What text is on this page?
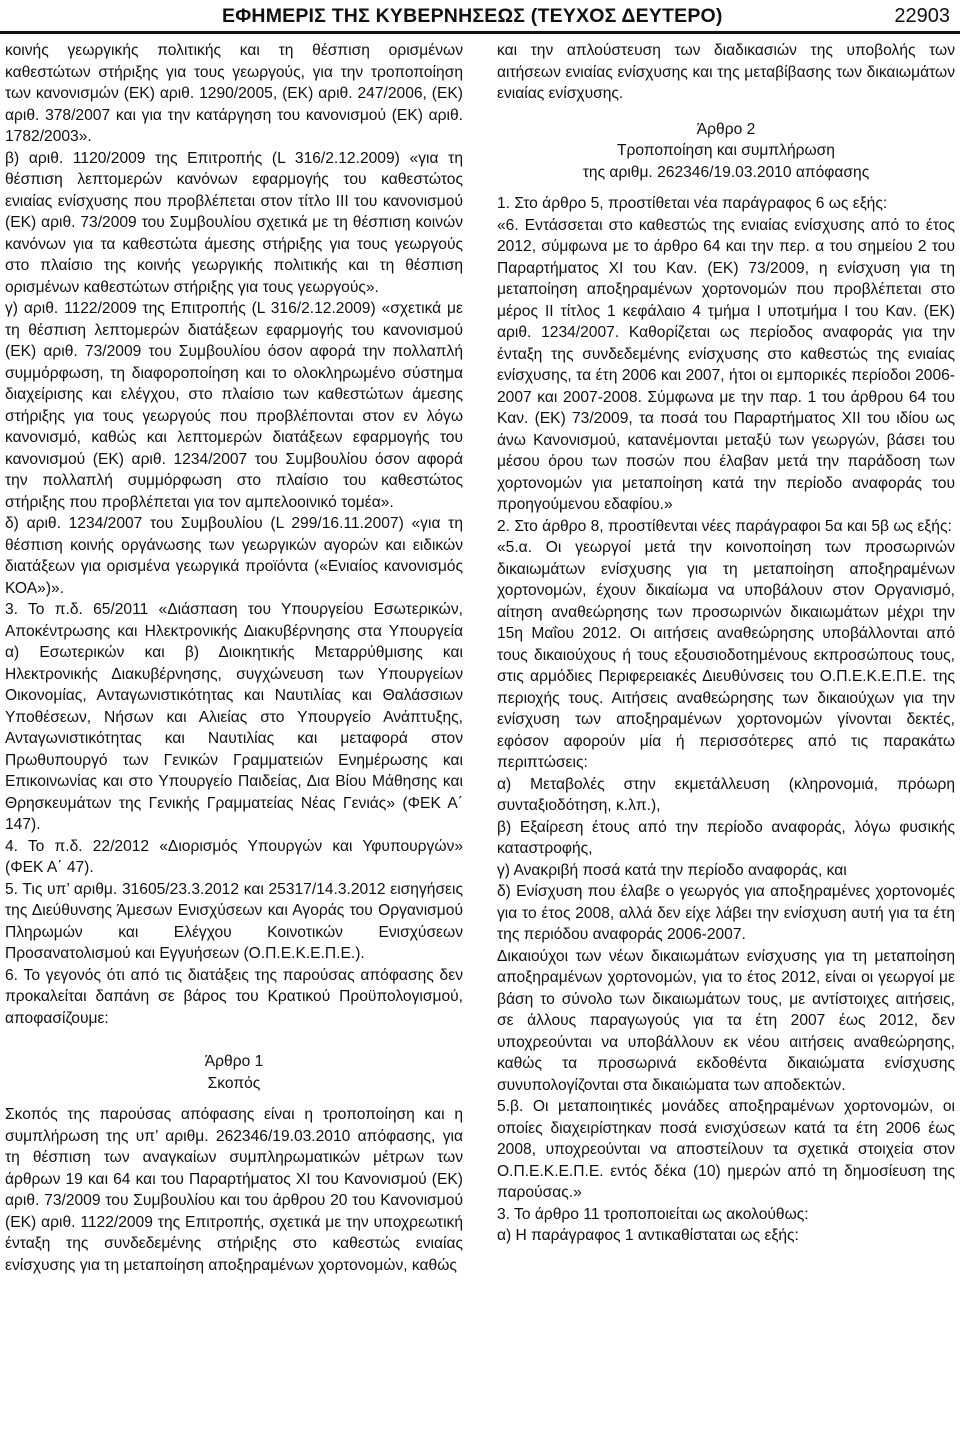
ΕΦΗΜΕΡΙΣ ΤΗΣ ΚΥΒΕΡΝΗΣΕΩΣ (ΤΕΥΧΟΣ ΔΕΥΤΕΡΟ)	22903

κοινής γεωργικής πολιτικής και τη θέσπιση ορισμένων καθεστώτων στήριξης για τους γεωργούς, για την τροποποίηση των κανονισμών (ΕΚ) αριθ. 1290/2005, (ΕΚ) αριθ. 247/2006, (ΕΚ) αριθ. 378/2007 και για την κατάργηση του κανονισμού (ΕΚ) αριθ. 1782/2003».

β) αριθ. 1120/2009 της Επιτροπής (L 316/2.12.2009) «για τη θέσπιση λεπτομερών κανόνων εφαρμογής του καθεστώτος ενιαίας ενίσχυσης που προβλέπεται στον τίτλο III του κανονισμού (ΕΚ) αριθ. 73/2009 του Συμβουλίου σχετικά με τη θέσπιση κοινών κανόνων για τα καθεστώτα άμεσης στήριξης για τους γεωργούς στο πλαίσιο της κοινής γεωργικής πολιτικής και τη θέσπιση ορισμένων καθεστώτων στήριξης για τους γεωργούς».

γ) αριθ. 1122/2009 της Επιτροπής (L 316/2.12.2009) «σχετικά με τη θέσπιση λεπτομερών διατάξεων εφαρμογής του κανονισμού (ΕΚ) αριθ. 73/2009 του Συμβουλίου όσον αφορά την πολλαπλή συμμόρφωση, τη διαφοροποίηση και το ολοκληρωμένο σύστημα διαχείρισης και ελέγχου, στο πλαίσιο των καθεστώτων άμεσης στήριξης για τους γεωργούς που προβλέπονται στον εν λόγω κανονισμό, καθώς και λεπτομερών διατάξεων εφαρμογής του κανονισμού (ΕΚ) αριθ. 1234/2007 του Συμβουλίου όσον αφορά την πολλαπλή συμμόρφωση στο πλαίσιο του καθεστώτος στήριξης που προβλέπεται για τον αμπελοοινικό τομέα».

δ) αριθ. 1234/2007 του Συμβουλίου (L 299/16.11.2007) «για τη θέσπιση κοινής οργάνωσης των γεωργικών αγορών και ειδικών διατάξεων για ορισμένα γεωργικά προϊόντα («Ενιαίος κανονισμός ΚΟΑ»)».

3. Το π.δ. 65/2011 «Διάσπαση του Υπουργείου Εσωτερικών, Αποκέντρωσης και Ηλεκτρονικής Διακυβέρνησης στα Υπουργεία α) Εσωτερικών και β) Διοικητικής Μεταρρύθμισης και Ηλεκτρονικής Διακυβέρνησης, συγχώνευση των Υπουργείων Οικονομίας, Ανταγωνιστικότητας και Ναυτιλίας και Θαλάσσιων Υποθέσεων, Νήσων και Αλιείας στο Υπουργείο Ανάπτυξης, Ανταγωνιστικότητας και Ναυτιλίας και μεταφορά στον Πρωθυπουργό των Γενικών Γραμματειών Ενημέρωσης και Επικοινωνίας και στο Υπουργείο Παιδείας, Δια Βίου Μάθησης και Θρησκευμάτων της Γενικής Γραμματείας Νέας Γενιάς» (ΦΕΚ Α΄ 147).

4. Το π.δ. 22/2012 «Διορισμός Υπουργών και Υφυπουργών» (ΦΕΚ Α΄ 47).

5. Τις υπ’ αριθμ. 31605/23.3.2012 και 25317/14.3.2012 εισηγήσεις της Διεύθυνσης Άμεσων Ενισχύσεων και Αγοράς του Οργανισμού Πληρωμών και Ελέγχου Κοινοτικών Ενισχύσεων Προσανατολισμού και Εγγυήσεων (Ο.Π.Ε.Κ.Ε.Π.Ε.).

6. Το γεγονός ότι από τις διατάξεις της παρούσας απόφασης δεν προκαλείται δαπάνη σε βάρος του Κρατικού Προϋπολογισμού, αποφασίζουμε:

Άρθρο 1

Σκοπός

Σκοπός της παρούσας απόφασης είναι η τροποποίηση και η συμπλήρωση της υπ’ αριθμ. 262346/19.03.2010 απόφασης, για τη θέσπιση των αναγκαίων συμπληρωματικών μέτρων των άρθρων 19 και 64 και του Παραρτήματος XI του Κανονισμού (ΕΚ) αριθ. 73/2009 του Συμβουλίου και του άρθρου 20 του Κανονισμού (ΕΚ) αριθ. 1122/2009 της Επιτροπής, σχετικά με την υποχρεωτική ένταξη της συνδεδεμένης στήριξης στο καθεστώς ενιαίας ενίσχυσης για τη μεταποίηση αποξηραμένων χορτονομών, καθώς

και την απλούστευση των διαδικασιών της υποβολής των αιτήσεων ενιαίας ενίσχυσης και της μεταβίβασης των δικαιωμάτων ενιαίας ενίσχυσης.

Άρθρο 2

Τροποποίηση και συμπλήρωση

της αριθμ. 262346/19.03.2010 απόφασης

1. Στο άρθρο 5, προστίθεται νέα παράγραφος 6 ως εξής:

«6. Εντάσσεται στο καθεστώς της ενιαίας ενίσχυσης από το έτος 2012, σύμφωνα με το άρθρο 64 και την περ. α του σημείου 2 του Παραρτήματος XI του Καν. (ΕΚ) 73/2009, η ενίσχυση για τη μεταποίηση αποξηραμένων χορτονομών που προβλέπεται στο μέρος II τίτλος 1 κεφάλαιο 4 τμήμα I υποτμήμα I του Καν. (ΕΚ) αριθ. 1234/2007. Καθορίζεται ως περίοδος αναφοράς για την ένταξη της συνδεδεμένης ενίσχυσης στο καθεστώς της ενιαίας ενίσχυσης, τα έτη 2006 και 2007, ήτοι οι εμπορικές περίοδοι 2006-2007 και 2007-2008. Σύμφωνα με την παρ. 1 του άρθρου 64 του Καν. (ΕΚ) 73/2009, τα ποσά του Παραρτήματος XII του ιδίου ως άνω Κανονισμού, κατανέμονται μεταξύ των γεωργών, βάσει του μέσου όρου των ποσών που έλαβαν μετά την παράδοση των χορτονομών για μεταποίηση κατά την περίοδο αναφοράς του προηγούμενου εδαφίου.»

2. Στο άρθρο 8, προστίθενται νέες παράγραφοι 5α και 5β ως εξής:

«5.α. Οι γεωργοί μετά την κοινοποίηση των προσωρινών δικαιωμάτων ενίσχυσης για τη μεταποίηση αποξηραμένων χορτονομών, έχουν δικαίωμα να υποβάλουν στον Οργανισμό, αίτηση αναθεώρησης των προσωρινών δικαιωμάτων μέχρι την 15η Μαΐου 2012. Οι αιτήσεις αναθεώρησης υποβάλλονται από τους δικαιούχους ή τους εξουσιοδοτημένους εκπροσώπους τους, στις αρμόδιες Περιφερειακές Διευθύνσεις του Ο.Π.Ε.Κ.Ε.Π.Ε. της περιοχής τους. Αιτήσεις αναθεώρησης των δικαιούχων για την ενίσχυση των αποξηραμένων χορτονομών γίνονται δεκτές, εφόσον αφορούν μία ή περισσότερες από τις παρακάτω περιπτώσεις:

α) Μεταβολές στην εκμετάλλευση (κληρονομιά, πρόωρη συνταξιοδότηση, κ.λπ.),

β) Εξαίρεση έτους από την περίοδο αναφοράς, λόγω φυσικής καταστροφής,

γ) Ανακριβή ποσά κατά την περίοδο αναφοράς, και

δ) Ενίσχυση που έλαβε ο γεωργός για αποξηραμένες χορτονομές για το έτος 2008, αλλά δεν είχε λάβει την ενίσχυση αυτή για τα έτη της περιόδου αναφοράς 2006-2007.

Δικαιούχοι των νέων δικαιωμάτων ενίσχυσης για τη μεταποίηση αποξηραμένων χορτονομών, για το έτος 2012, είναι οι γεωργοί με βάση το σύνολο των δικαιωμάτων τους, με αντίστοιχες αιτήσεις, σε άλλους παραγωγούς για τα έτη 2007 έως 2012, δεν υποχρεούνται να υποβάλλουν εκ νέου αιτήσεις αναθεώρησης, καθώς τα προσωρινά εκδοθέντα δικαιώματα ενίσχυσης συνυπολογίζονται στα δικαιώματα των αποδεκτών.

5.β. Οι μεταποιητικές μονάδες αποξηραμένων χορτονομών, οι οποίες διαχειρίστηκαν ποσά ενισχύσεων κατά τα έτη 2006 έως 2008, υποχρεούνται να αποστείλουν τα σχετικά στοιχεία στον Ο.Π.Ε.Κ.Ε.Π.Ε. εντός δέκα (10) ημερών από τη δημοσίευση της παρούσας.»

3. Το άρθρο 11 τροποποιείται ως ακολούθως:

α) Η παράγραφος 1 αντικαθίσταται ως εξής:
